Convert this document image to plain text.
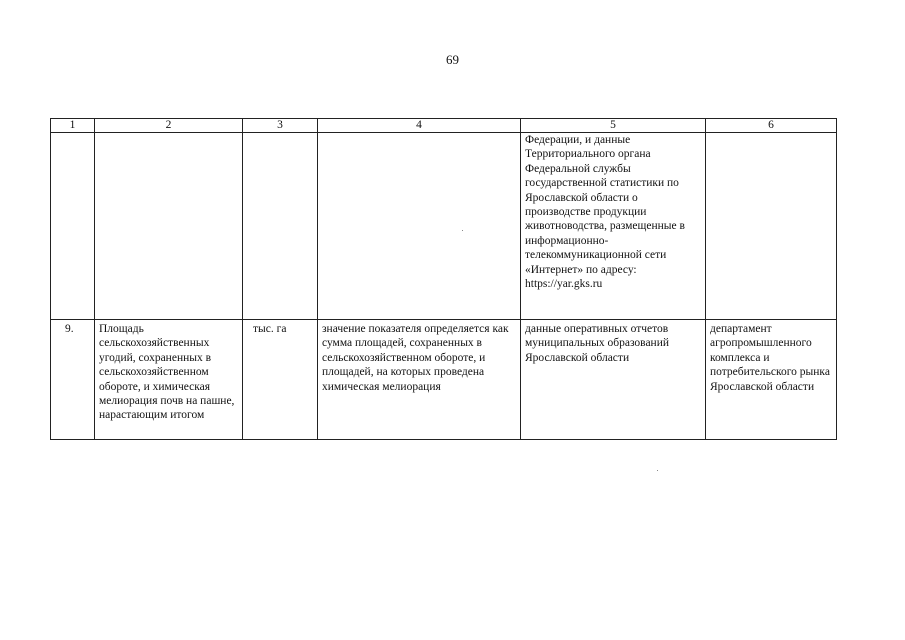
69
1	2	3	4	5	6
				Федерации, и данные Территориального органа Федеральной службы государственной статистики по Ярославской области о производстве продукции животноводства, размещенные в информационно-телекоммуникационной сети «Интернет» по адресу: https://yar.gks.ru	
9.	Площадь сельскохозяйственных угодий, сохраненных в сельскохозяйственном обороте, и химическая мелиорация почв на пашне, нарастающим итогом	тыс. га	значение показателя определяется как сумма площадей, сохраненных в сельскохозяйственном обороте, и площадей, на которых проведена химическая мелиорация	данные оперативных отчетов муниципальных образований Ярославской области	департамент агропромышленного комплекса и потребительского рынка Ярославской области
